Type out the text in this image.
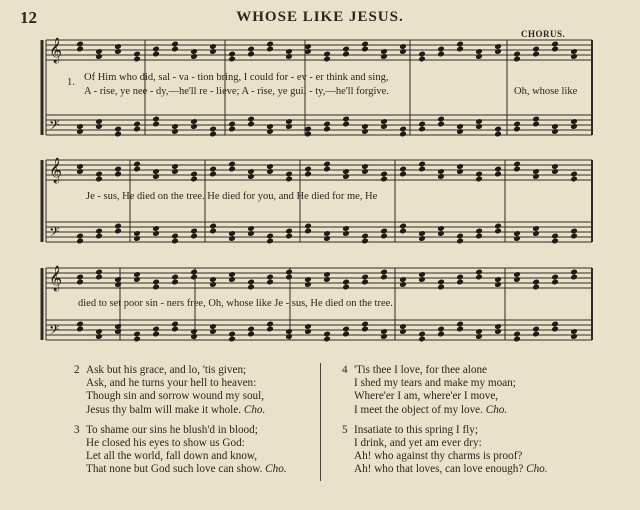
12	WHOSE LIKE JESUS.
𝄞
𝄢
𝄞
𝄢
𝄞
𝄢
CHORUS.
1. Of Him who did, sal - va - tion bring, I could for - ev - er think and sing,
A - rise, ye nee - dy,—he'll re - lieve; A - rise, ye guil - ty,—he'll forgive.	Oh, whose like
Je - sus, He died on the tree. He died for you, and He died for me, He
died to set poor sin - ners free, Oh, whose like Je - sus, He died on the tree.
2 Ask but his grace, and lo, 'tis given;
Ask, and he turns your hell to heaven:
Though sin and sorrow wound my soul,
Jesus thy balm will make it whole. Cho.
3 To shame our sins he blush'd in blood;
He closed his eyes to show us God:
Let all the world, fall down and know,
That none but God such love can show. Cho.
4 'Tis thee I love, for thee alone
I shed my tears and make my moan;
Where'er I am, where'er I move,
I meet the object of my love. Cho.
5 Insatiate to this spring I fly;
I drink, and yet am ever dry:
Ah! who against thy charms is proof?
Ah! who that loves, can love enough? Cho.
